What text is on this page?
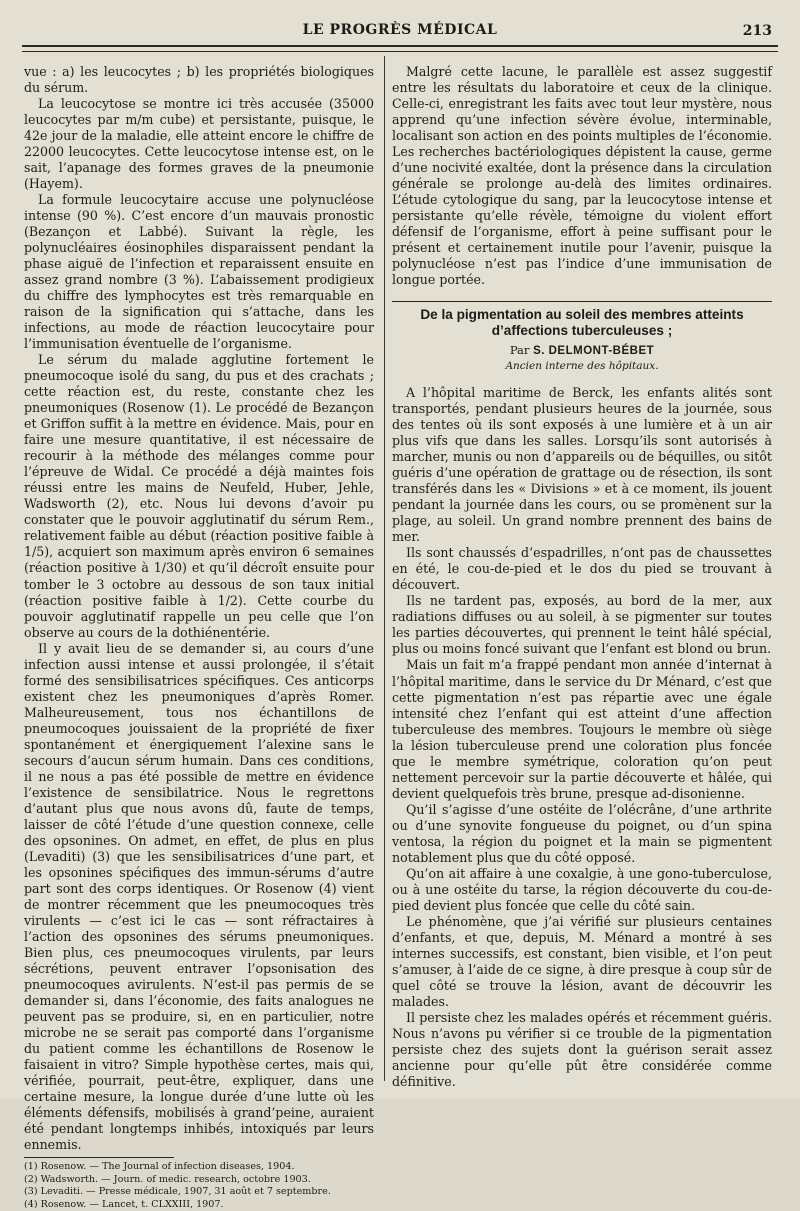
LE PROGRÈS MÉDICAL	213

vue : a) les leucocytes ; b) les propriétés biologiques du sérum.

La leucocytose se montre ici très accusée (35000 leucocytes par m/m cube) et persistante, puisque, le 42e jour de la maladie, elle atteint encore le chiffre de 22000 leucocytes. Cette leucocytose intense est, on le sait, l’apanage des formes graves de la pneumonie (Hayem).

La formule leucocytaire accuse une polynucléose intense (90 %). C’est encore d’un mauvais pronostic (Bezançon et Labbé). Suivant la règle, les polynucléaires éosinophiles disparaissent pendant la phase aiguë de l’infection et reparaissent ensuite en assez grand nombre (3 %). L’abaissement prodigieux du chiffre des lymphocytes est très remarquable en raison de la signification qui s’attache, dans les infections, au mode de réaction leucocytaire pour l’immunisation éventuelle de l’organisme.

Le sérum du malade agglutine fortement le pneumocoque isolé du sang, du pus et des crachats ; cette réaction est, du reste, constante chez les pneumoniques (Rosenow (1). Le procédé de Bezançon et Griffon suffit à la mettre en évidence. Mais, pour en faire une mesure quantitative, il est nécessaire de recourir à la méthode des mélanges comme pour l’épreuve de Widal. Ce procédé a déjà maintes fois réussi entre les mains de Neufeld, Huber, Jehle, Wadsworth (2), etc. Nous lui devons d’avoir pu constater que le pouvoir agglutinatif du sérum Rem., relativement faible au début (réaction positive faible à 1/5), acquiert son maximum après environ 6 semaines (réaction positive à 1/30) et qu’il décroît ensuite pour tomber le 3 octobre au dessous de son taux initial (réaction positive faible à 1/2). Cette courbe du pouvoir agglutinatif rappelle un peu celle que l’on observe au cours de la dothiénentérie.

Il y avait lieu de se demander si, au cours d’une infection aussi intense et aussi prolongée, il s’était formé des sensibilisatrices spécifiques. Ces anticorps existent chez les pneumoniques d’après Romer. Malheureusement, tous nos échantillons de pneumocoques jouissaient de la propriété de fixer spontanément et énergiquement l’alexine sans le secours d’aucun sérum humain. Dans ces conditions, il ne nous a pas été possible de mettre en évidence l’existence de sensibilatrice. Nous le regrettons d’autant plus que nous avons dû, faute de temps, laisser de côté l’étude d’une question connexe, celle des opsonines. On admet, en effet, de plus en plus (Levaditi) (3) que les sensibilisatrices d’une part, et les opsonines spécifiques des immun-sérums d’autre part sont des corps identiques. Or Rosenow (4) vient de montrer récemment que les pneumocoques très virulents — c’est ici le cas — sont réfractaires à l’action des opsonines des sérums pneumoniques. Bien plus, ces pneumocoques virulents, par leurs sécrétions, peuvent entraver l’opsonisation des pneumocoques avirulents. N’est-il pas permis de se demander si, dans l’économie, des faits analogues ne peuvent pas se produire, si, en en particulier, notre microbe ne se serait pas comporté dans l’organisme du patient comme les échantillons de Rosenow le faisaient in vitro? Simple hypothèse certes, mais qui, vérifiée, pourrait, peut-être, expliquer, dans une certaine mesure, la longue durée d’une lutte où les éléments défensifs, mobilisés à grand’peine, auraient été pendant longtemps inhibés, intoxiqués par leurs ennemis.

(1) Rosenow. — The Journal of infection diseases, 1904.
(2) Wadsworth. — Journ. of medic. research, octobre 1903.
(3) Levaditi. — Presse médicale, 1907, 31 août et 7 septembre.
(4) Rosenow. — Lancet, t. CLXXIII, 1907.

Malgré cette lacune, le parallèle est assez suggestif entre les résultats du laboratoire et ceux de la clinique. Celle-ci, enregistrant les faits avec tout leur mystère, nous apprend qu’une infection sévère évolue, interminable, localisant son action en des points multiples de l’économie. Les recherches bactériologiques dépistent la cause, germe d’une nocivité exaltée, dont la présence dans la circulation générale se prolonge au-delà des limites ordinaires. L’étude cytologique du sang, par la leucocytose intense et persistante qu’elle révèle, témoigne du violent effort défensif de l’organisme, effort à peine suffisant pour le présent et certainement inutile pour l’avenir, puisque la polynucléose n’est pas l’indice d’une immunisation de longue portée.

De la pigmentation au soleil des membres atteints d’affections tuberculeuses ;
Par S. DELMONT-BÉBET
Ancien interne des hôpitaux.

A l’hôpital maritime de Berck, les enfants alités sont transportés, pendant plusieurs heures de la journée, sous des tentes où ils sont exposés à une lumière et à un air plus vifs que dans les salles. Lorsqu’ils sont autorisés à marcher, munis ou non d’appareils ou de béquilles, ou sitôt guéris d’une opération de grattage ou de résection, ils sont transférés dans les « Divisions » et à ce moment, ils jouent pendant la journée dans les cours, ou se promènent sur la plage, au soleil. Un grand nombre prennent des bains de mer.

Ils sont chaussés d’espadrilles, n’ont pas de chaussettes en été, le cou-de-pied et le dos du pied se trouvant à découvert.

Ils ne tardent pas, exposés, au bord de la mer, aux radiations diffuses ou au soleil, à se pigmenter sur toutes les parties découvertes, qui prennent le teint hâlé spécial, plus ou moins foncé suivant que l’enfant est blond ou brun.

Mais un fait m’a frappé pendant mon année d’internat à l’hôpital maritime, dans le service du Dr Ménard, c’est que cette pigmentation n’est pas répartie avec une égale intensité chez l’enfant qui est atteint d’une affection tuberculeuse des membres. Toujours le membre où siège la lésion tuberculeuse prend une coloration plus foncée que le membre symétrique, coloration qu’on peut nettement percevoir sur la partie découverte et hâlée, qui devient quelquefois très brune, presque ad-disonienne.

Qu’il s’agisse d’une ostéite de l’olécrâne, d’une arthrite ou d’une synovite fongueuse du poignet, ou d’un spina ventosa, la région du poignet et la main se pigmentent notablement plus que du côté opposé.

Qu’on ait affaire à une coxalgie, à une gono-tuberculose, ou à une ostéite du tarse, la région découverte du cou-de-pied devient plus foncée que celle du côté sain.

Le phénomène, que j’ai vérifié sur plusieurs centaines d’enfants, et que, depuis, M. Ménard a montré à ses internes successifs, est constant, bien visible, et l’on peut s’amuser, à l’aide de ce signe, à dire presque à coup sûr de quel côté se trouve la lésion, avant de découvrir les malades.

Il persiste chez les malades opérés et récemment guéris. Nous n’avons pu vérifier si ce trouble de la pigmentation persiste chez des sujets dont la guérison serait assez ancienne pour qu’elle pût être considérée comme définitive.
